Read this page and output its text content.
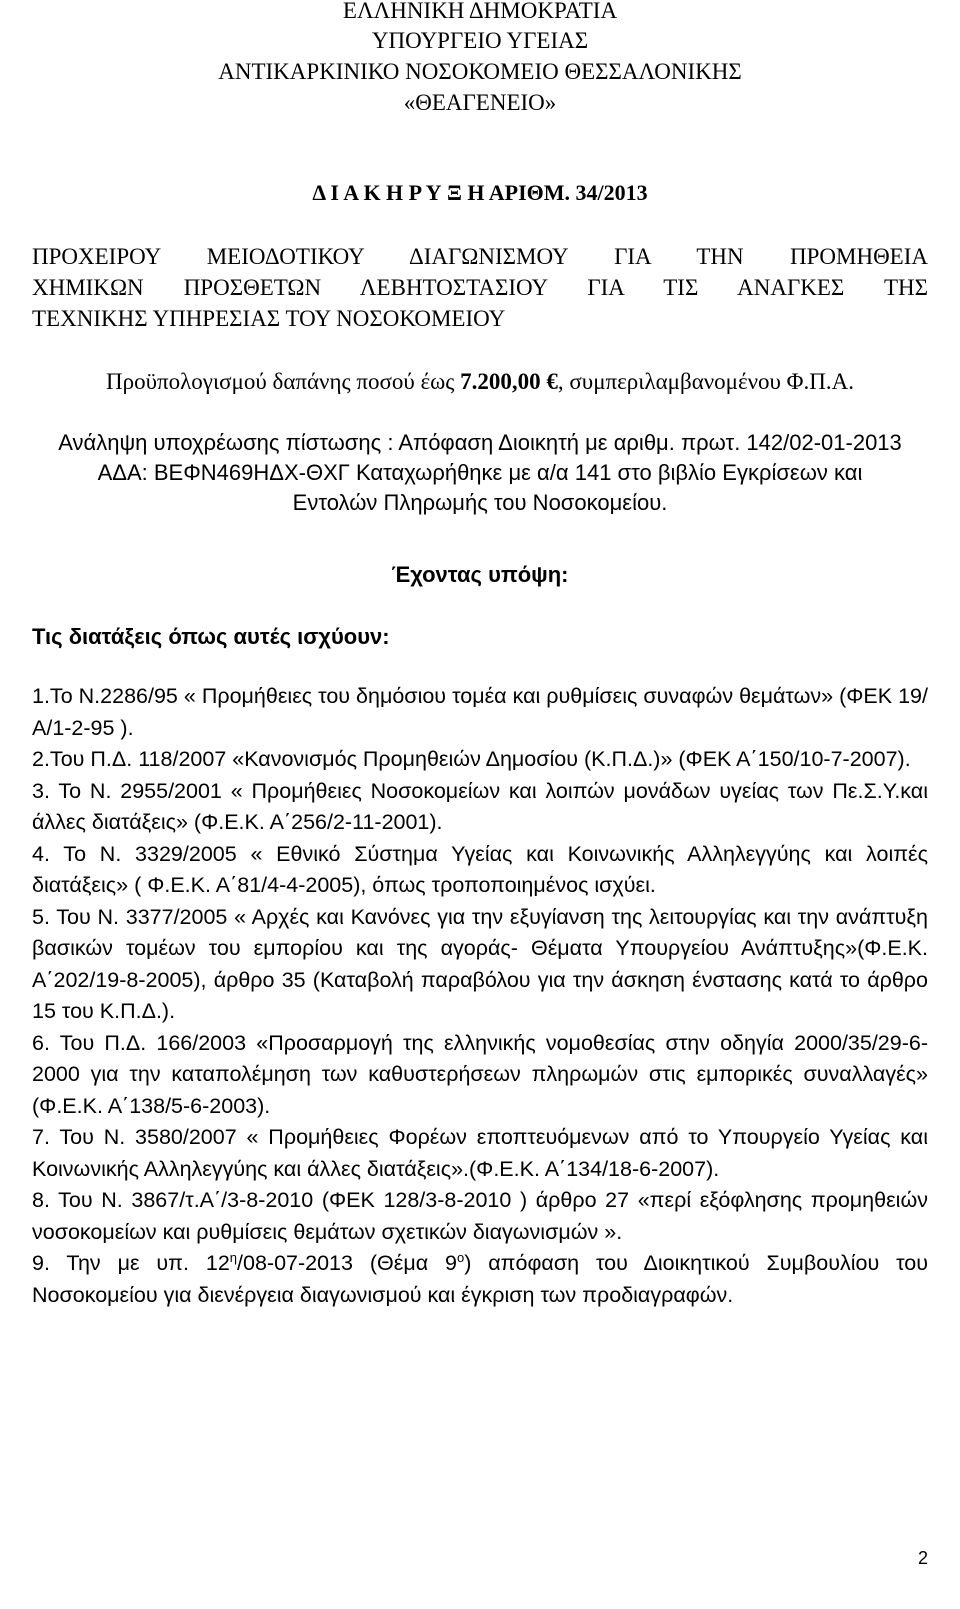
ΕΛΛΗΝΙΚΗ ΔΗΜΟΚΡΑΤΙΑ
ΥΠΟΥΡΓΕΙΟ ΥΓΕΙΑΣ
ΑΝΤΙΚΑΡΚΙΝΙΚΟ ΝΟΣΟΚΟΜΕΙΟ ΘΕΣΣΑΛΟΝΙΚΗΣ
«ΘΕΑΓΕΝΕΙΟ»
Δ Ι Α Κ Η Ρ Υ Ξ Η ΑΡΙΘΜ. 34/2013
ΠΡΟΧΕΙΡΟΥ ΜΕΙΟΔΟΤΙΚΟΥ ΔΙΑΓΩΝΙΣΜΟΥ ΓΙΑ ΤΗΝ ΠΡΟΜΗΘΕΙΑ
ΧΗΜΙΚΩΝ ΠΡΟΣΘΕΤΩΝ ΛΕΒΗΤΟΣΤΑΣΙΟΥ ΓΙΑ ΤΙΣ ΑΝΑΓΚΕΣ ΤΗΣ
ΤΕΧΝΙΚΗΣ ΥΠΗΡΕΣΙΑΣ ΤΟΥ ΝΟΣΟΚΟΜΕΙΟΥ
Προϋπολογισμού δαπάνης ποσού έως 7.200,00 €, συμπεριλαμβανομένου Φ.Π.Α.
Ανάληψη υποχρέωσης πίστωσης : Απόφαση Διοικητή με αριθμ. πρωτ. 142/02-01-2013
ΑΔΑ: ΒΕΦΝ469ΗΔΧ-ΘΧΓ Καταχωρήθηκε με α/α 141 στο βιβλίο Εγκρίσεων και
Εντολών Πληρωμής του Νοσοκομείου.
Έχοντας υπόψη:
Τις διατάξεις όπως αυτές ισχύουν:

1.Το Ν.2286/95 « Προμήθειες του δημόσιου τομέα και ρυθμίσεις συναφών θεμάτων» (ΦΕΚ 19/Α/1-2-95 ).

2.Του Π.Δ. 118/2007 «Κανονισμός Προμηθειών Δημοσίου (Κ.Π.Δ.)» (ΦΕΚ Α΄150/10-7-2007).

3. Το Ν. 2955/2001 « Προμήθειες Νοσοκομείων και λοιπών μονάδων υγείας των Πε.Σ.Υ.και άλλες διατάξεις» (Φ.Ε.Κ. Α΄256/2-11-2001).

4. Το Ν. 3329/2005 « Εθνικό Σύστημα Υγείας και Κοινωνικής Αλληλεγγύης και λοιπές διατάξεις» ( Φ.Ε.Κ. Α΄81/4-4-2005), όπως τροποποιημένος ισχύει.

5. Του Ν. 3377/2005 « Αρχές και Κανόνες για την εξυγίανση της λειτουργίας και την ανάπτυξη βασικών τομέων του εμπορίου και της αγοράς- Θέματα Υπουργείου Ανάπτυξης»(Φ.Ε.Κ. Α΄202/19-8-2005), άρθρο 35 (Καταβολή παραβόλου για την άσκηση ένστασης κατά το άρθρο 15 του Κ.Π.Δ.).

6. Του Π.Δ. 166/2003 «Προσαρμογή της ελληνικής νομοθεσίας στην οδηγία 2000/35/29-6-2000 για την καταπολέμηση των καθυστερήσεων πληρωμών στις εμπορικές συναλλαγές» (Φ.Ε.Κ. Α΄138/5-6-2003).

7. Του Ν. 3580/2007 « Προμήθειες Φορέων εποπτευόμενων από το Υπουργείο Υγείας και Κοινωνικής Αλληλεγγύης και άλλες διατάξεις».(Φ.Ε.Κ. Α΄134/18-6-2007).

8. Του Ν. 3867/τ.Α΄/3-8-2010 (ΦΕΚ 128/3-8-2010 ) άρθρο 27 «περί εξόφλησης προμηθειών νοσοκομείων και ρυθμίσεις θεμάτων σχετικών διαγωνισμών ».

9. Την με υπ. $12^\eta/08-07-2013$ (Θέμα $9^o$) απόφαση του Διοικητικού Συμβουλίου του Νοσοκομείου για διενέργεια διαγωνισμού και έγκριση των προδιαγραφών.

2
